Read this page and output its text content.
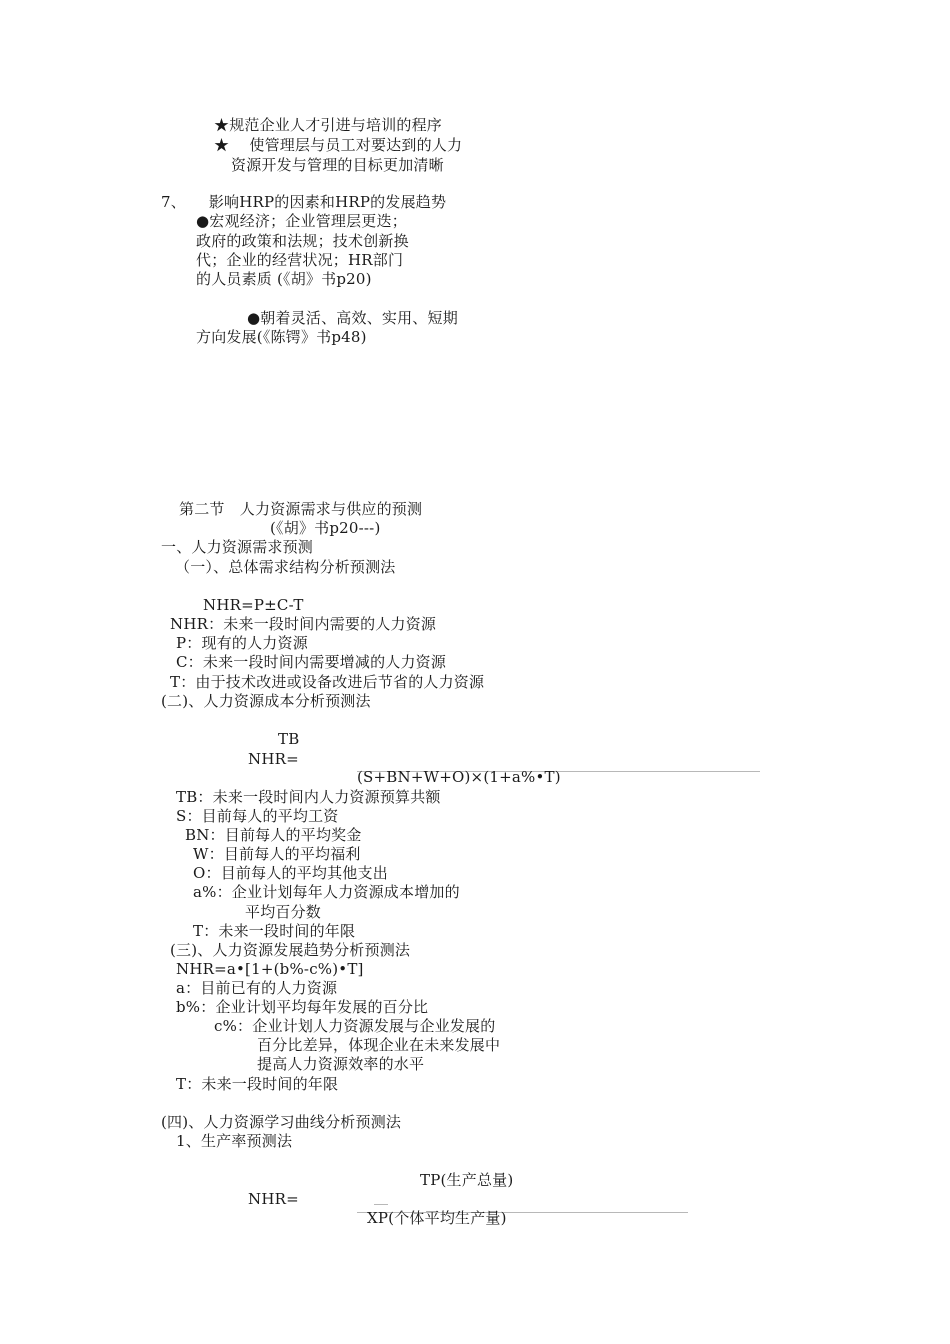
★规范企业人才引进与培训的程序
★　 使管理层与员工对要达到的人力
资源开发与管理的目标更加清晰
7、　　影响HRP的因素和HRP的发展趋势
●宏观经济；企业管理层更迭；
政府的政策和法规；技术创新换
代；企业的经营状况；HR部门
的人员素质 (《胡》书p20)
●朝着灵活、高效、实用、短期
方向发展(《陈锷》书p48)
第二节　人力资源需求与供应的预测
(《胡》书p20---)
一、人力资源需求预测
（一）、总体需求结构分析预测法
NHR=P±C-T
NHR：未来一段时间内需要的人力资源
P：现有的人力资源
C：未来一段时间内需要增减的人力资源
T：由于技术改进或设备改进后节省的人力资源
(二)、人力资源成本分析预测法
TB
NHR=
(S+BN+W+O)×(1+a%•T)
TB：未来一段时间内人力资源预算共额
S：目前每人的平均工资
BN：目前每人的平均奖金
W：目前每人的平均福利
O：目前每人的平均其他支出
a%：企业计划每年人力资源成本增加的
平均百分数
T：未来一段时间的年限
(三)、人力资源发展趋势分析预测法
NHR=a•[1+(b%-c%)•T]
a：目前已有的人力资源
b%：企业计划平均每年发展的百分比
c%：企业计划人力资源发展与企业发展的
百分比差异，体现企业在未来发展中
提高人力资源效率的水平
T：未来一段时间的年限
(四)、人力资源学习曲线分析预测法
1、生产率预测法
TP(生产总量)
NHR=
XP(个体平均生产量)
